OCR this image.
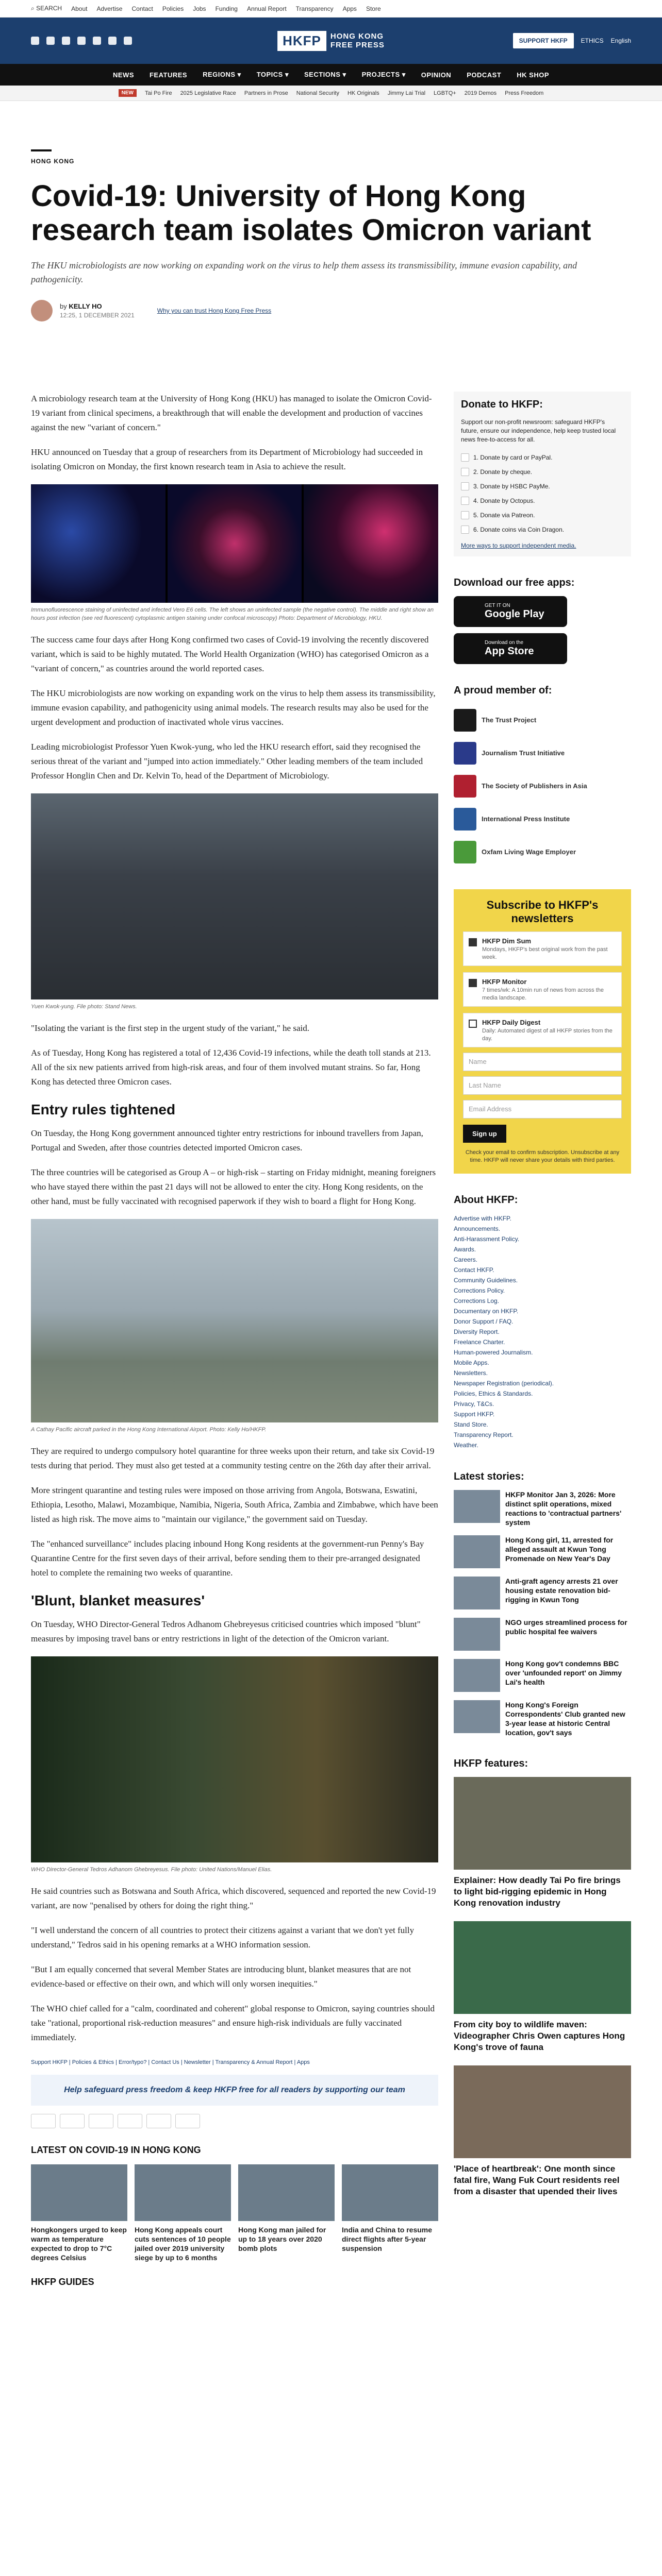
⌕ SEARCH About Advertise Contact Policies Jobs Funding Annual Report Transparency Apps Store
HKFP	HONG KONG
FREE PRESS	SUPPORT HKFP	ETHICS English
NEWS FEATURES REGIONS ▾ TOPICS ▾ SECTIONS ▾ PROJECTS ▾ OPINION PODCAST HK SHOP
NEW	Tai Po Fire 2025 Legislative Race Partners in Prose National Security HK Originals Jimmy Lai Trial LGBTQ+ 2019 Demos Press Freedom
HONG KONG
Covid-19: University of Hong Kong research team isolates Omicron variant
The HKU microbiologists are now working on expanding work on the virus to help them assess its transmissibility, immune evasion capability, and pathogenicity.
by KELLY HO
12:25, 1 DECEMBER 2021
Why you can trust Hong Kong Free Press

A microbiology research team at the University of Hong Kong (HKU) has managed to isolate the Omicron Covid-19 variant from clinical specimens, a breakthrough that will enable the development and production of vaccines against the new "variant of concern."

HKU announced on Tuesday that a group of researchers from its Department of Microbiology had succeeded in isolating Omicron on Monday, the first known research team in Asia to achieve the result.

Immunofluorescence staining of uninfected and infected Vero E6 cells. The left shows an uninfected sample (the negative control). The middle and right show an hours post infection (see red fluorescent) cytoplasmic antigen staining under confocal microscopy) Photo: Department of Microbiology, HKU.

The success came four days after Hong Kong confirmed two cases of Covid-19 involving the recently discovered variant, which is said to be highly mutated. The World Health Organization (WHO) has categorised Omicron as a "variant of concern," as countries around the world reported cases.

The HKU microbiologists are now working on expanding work on the virus to help them assess its transmissibility, immune evasion capability, and pathogenicity using animal models. The research results may also be used for the urgent development and production of inactivated whole virus vaccines.

Leading microbiologist Professor Yuen Kwok-yung, who led the HKU research effort, said they recognised the serious threat of the variant and "jumped into action immediately." Other leading members of the team included Professor Honglin Chen and Dr. Kelvin To, head of the Department of Microbiology.

Yuen Kwok-yung. File photo: Stand News.

"Isolating the variant is the first step in the urgent study of the variant," he said.

As of Tuesday, Hong Kong has registered a total of 12,436 Covid-19 infections, while the death toll stands at 213. All of the six new patients arrived from high-risk areas, and four of them involved mutant strains. So far, Hong Kong has detected three Omicron cases.

Entry rules tightened

On Tuesday, the Hong Kong government announced tighter entry restrictions for inbound travellers from Japan, Portugal and Sweden, after those countries detected imported Omicron cases.

The three countries will be categorised as Group A – or high-risk – starting on Friday midnight, meaning foreigners who have stayed there within the past 21 days will not be allowed to enter the city. Hong Kong residents, on the other hand, must be fully vaccinated with recognised paperwork if they wish to board a flight for Hong Kong.

A Cathay Pacific aircraft parked in the Hong Kong International Airport. Photo: Kelly Ho/HKFP.

They are required to undergo compulsory hotel quarantine for three weeks upon their return, and take six Covid-19 tests during that period. They must also get tested at a community testing centre on the 26th day after their arrival.

More stringent quarantine and testing rules were imposed on those arriving from Angola, Botswana, Eswatini, Ethiopia, Lesotho, Malawi, Mozambique, Namibia, Nigeria, South Africa, Zambia and Zimbabwe, which have been listed as high risk. The move aims to "maintain our vigilance," the government said on Tuesday.

The "enhanced surveillance" includes placing inbound Hong Kong residents at the government-run Penny's Bay Quarantine Centre for the first seven days of their arrival, before sending them to their pre-arranged designated hotel to complete the remaining two weeks of quarantine.

'Blunt, blanket measures'

On Tuesday, WHO Director-General Tedros Adhanom Ghebreyesus criticised countries which imposed "blunt" measures by imposing travel bans or entry restrictions in light of the detection of the Omicron variant.

WHO Director-General Tedros Adhanom Ghebreyesus. File photo: United Nations/Manuel Elias.

He said countries such as Botswana and South Africa, which discovered, sequenced and reported the new Covid-19 variant, are now "penalised by others for doing the right thing."

"I well understand the concern of all countries to protect their citizens against a variant that we don't yet fully understand," Tedros said in his opening remarks at a WHO information session.

"But I am equally concerned that several Member States are introducing blunt, blanket measures that are not evidence-based or effective on their own, and which will only worsen inequities."

The WHO chief called for a "calm, coordinated and coherent" global response to Omicron, saying countries should take "rational, proportional risk-reduction measures" and ensure high-risk individuals are fully vaccinated immediately.

Support HKFP | Policies & Ethics | Error/typo? | Contact Us | Newsletter | Transparency & Annual Report | Apps
Help safeguard press freedom & keep HKFP free for all readers by supporting our team
LATEST ON COVID-19 IN HONG KONG
Hongkongers urged to keep warm as temperature expected to drop to 7°C degrees Celsius
Hong Kong appeals court cuts sentences of 10 people jailed over 2019 university siege by up to 6 months
Hong Kong man jailed for up to 18 years over 2020 bomb plots
India and China to resume direct flights after 5-year suspension
HKFP GUIDES
Donate to HKFP:

Support our non-profit newsroom: safeguard HKFP's future, ensure our independence, help keep trusted local news free-to-access for all.

1. Donate by card or PayPal.
2. Donate by cheque.
3. Donate by HSBC PayMe.
4. Donate by Octopus.
5. Donate via Patreon.
6. Donate coins via Coin Dragon.

More ways to support independent media.

Download our free apps:
GET IT ON
Google Play
Download on the
App Store
A proud member of:
The Trust Project
Journalism Trust Initiative
The Society of Publishers in Asia
International Press Institute
Oxfam Living Wage Employer
Subscribe to HKFP's newsletters
HKFP Dim Sum
Mondays, HKFP's best original work from the past week.
HKFP Monitor
7 times/wk: A 10min run of news from across the media landscape.
HKFP Daily Digest
Daily: Automated digest of all HKFP stories from the day.
Name
Last Name
Email Address
Sign up
Check your email to confirm subscription. Unsubscribe at any time. HKFP will never share your details with third parties.
About HKFP:
Advertise with HKFP.
Announcements.
Anti-Harassment Policy.
Awards.
Careers.
Contact HKFP.
Community Guidelines.
Corrections Policy.
Corrections Log.
Documentary on HKFP.
Donor Support / FAQ.
Diversity Report.
Freelance Charter.
Human-powered Journalism.
Mobile Apps.
Newsletters.
Newspaper Registration (periodical).
Policies, Ethics & Standards.
Privacy, T&Cs.
Support HKFP.
Stand Store.
Transparency Report.
Weather.
Latest stories:
HKFP Monitor Jan 3, 2026: More distinct split operations, mixed reactions to 'contractual partners' system
Hong Kong girl, 11, arrested for alleged assault at Kwun Tong Promenade on New Year's Day
Anti-graft agency arrests 21 over housing estate renovation bid-rigging in Kwun Tong
NGO urges streamlined process for public hospital fee waivers
Hong Kong gov't condemns BBC over 'unfounded report' on Jimmy Lai's health
Hong Kong's Foreign Correspondents' Club granted new 3-year lease at historic Central location, gov't says
HKFP features:
Explainer: How deadly Tai Po fire brings to light bid-rigging epidemic in Hong Kong renovation industry
From city boy to wildlife maven: Videographer Chris Owen captures Hong Kong's trove of fauna
'Place of heartbreak': One month since fatal fire, Wang Fuk Court residents reel from a disaster that upended their lives
